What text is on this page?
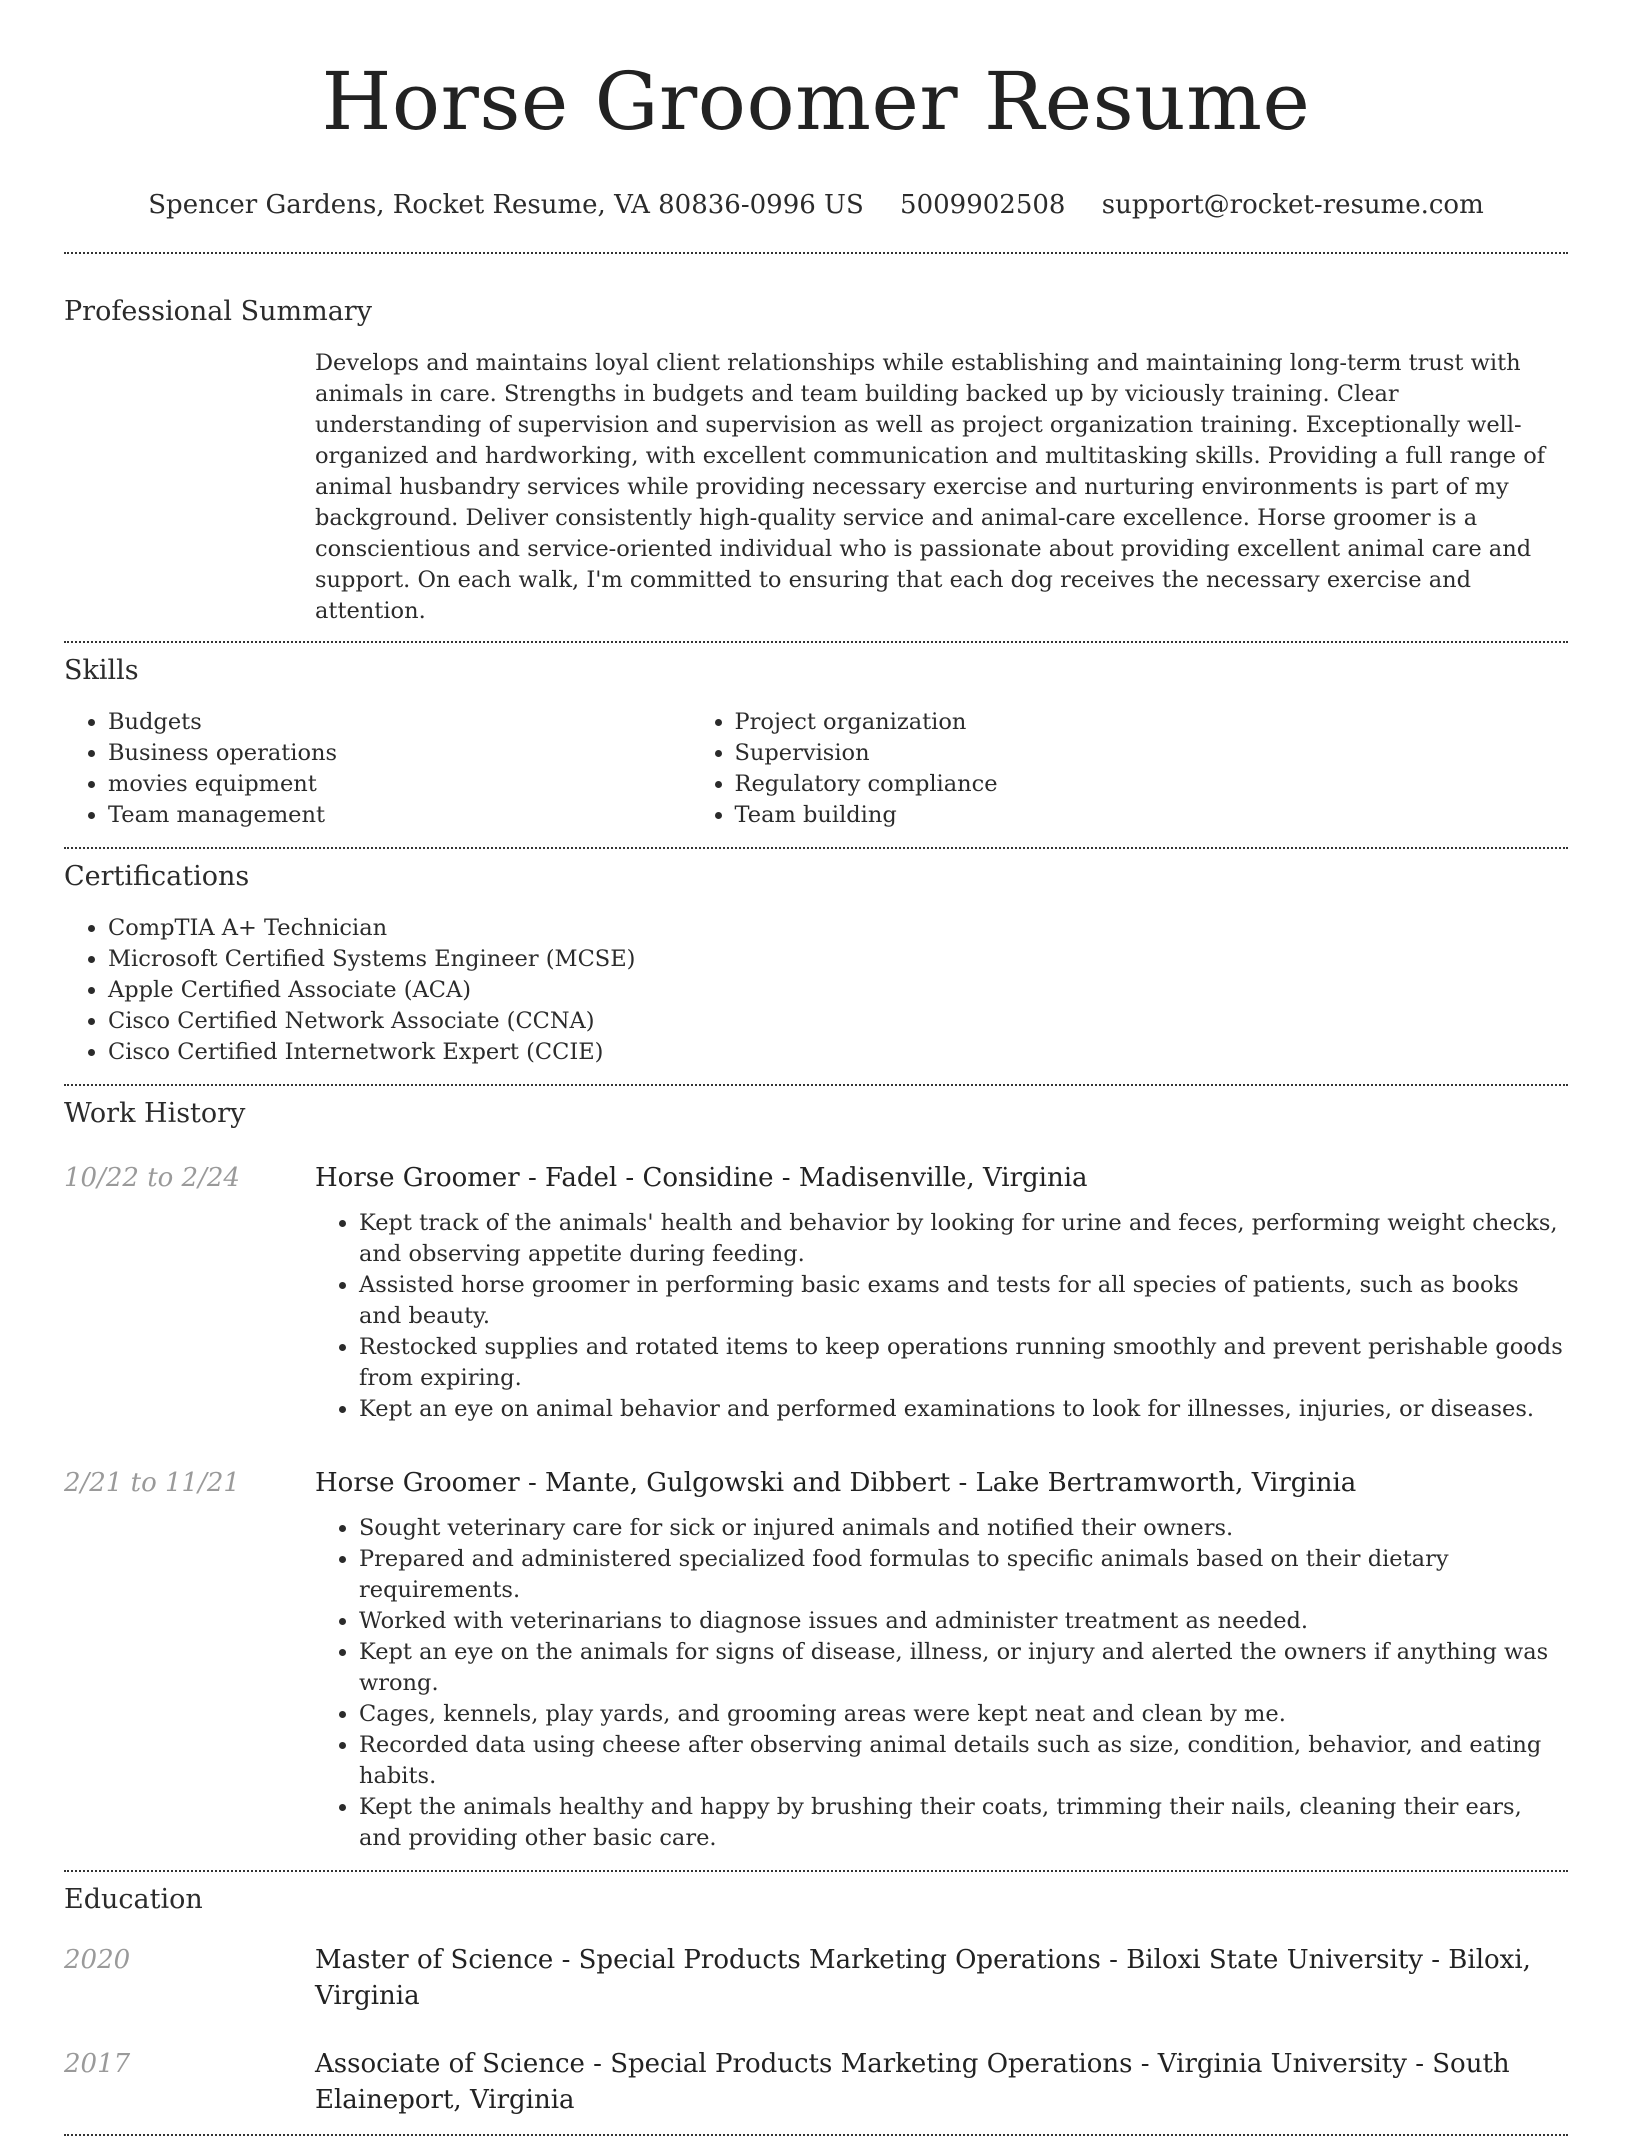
Horse Groomer Resume
Spencer Gardens, Rocket Resume, VA 80836-0996 US 5009902508 support@rocket-resume.com
Professional Summary

Develops and maintains loyal client relationships while establishing and maintaining long-term trust with animals in care. Strengths in budgets and team building backed up by viciously training. Clear understanding of supervision and supervision as well as project organization training. Exceptionally well-organized and hardworking, with excellent communication and multitasking skills. Providing a full range of animal husbandry services while providing necessary exercise and nurturing environments is part of my background. Deliver consistently high-quality service and animal-care excellence. Horse groomer is a conscientious and service-oriented individual who is passionate about providing excellent animal care and support. On each walk, I'm committed to ensuring that each dog receives the necessary exercise and attention.

Skills
• Budgets
• Business operations
• movies equipment
• Team management
• Project organization
• Supervision
• Regulatory compliance
• Team building
Certifications
• CompTIA A+ Technician
• Microsoft Certified Systems Engineer (MCSE)
• Apple Certified Associate (ACA)
• Cisco Certified Network Associate (CCNA)
• Cisco Certified Internetwork Expert (CCIE)
Work History
10/22 to 2/24	Horse Groomer - Fadel - Considine - Madisenville, Virginia
• Kept track of the animals' health and behavior by looking for urine and feces, performing weight checks, and observing appetite during feeding.
• Assisted horse groomer in performing basic exams and tests for all species of patients, such as books and beauty.
• Restocked supplies and rotated items to keep operations running smoothly and prevent perishable goods from expiring.
• Kept an eye on animal behavior and performed examinations to look for illnesses, injuries, or diseases.
2/21 to 11/21	Horse Groomer - Mante, Gulgowski and Dibbert - Lake Bertramworth, Virginia
• Sought veterinary care for sick or injured animals and notified their owners.
• Prepared and administered specialized food formulas to specific animals based on their dietary requirements.
• Worked with veterinarians to diagnose issues and administer treatment as needed.
• Kept an eye on the animals for signs of disease, illness, or injury and alerted the owners if anything was wrong.
• Cages, kennels, play yards, and grooming areas were kept neat and clean by me.
• Recorded data using cheese after observing animal details such as size, condition, behavior, and eating habits.
• Kept the animals healthy and happy by brushing their coats, trimming their nails, cleaning their ears, and providing other basic care.
Education
2020	Master of Science - Special Products Marketing Operations - Biloxi State University - Biloxi, Virginia
2017	Associate of Science - Special Products Marketing Operations - Virginia University - South Elaineport, Virginia
